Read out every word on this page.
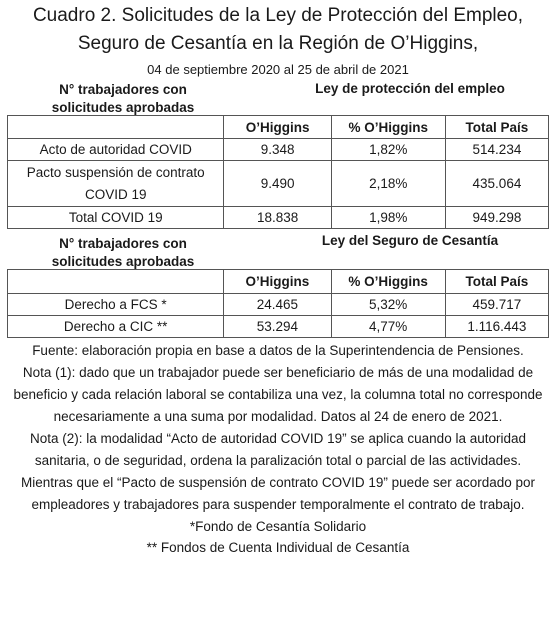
Cuadro 2. Solicitudes de la Ley de Protección del Empleo,
Seguro de Cesantía en la Región de O’Higgins,
04 de septiembre 2020 al 25 de abril de 2021
N° trabajadores con
solicitudes aprobadas
Ley de protección del empleo
	O’Higgins	% O’Higgins	Total País
Acto de autoridad COVID	9.348	1,82%	514.234

Pacto suspensión de contrato
COVID 19	9.490	2,18%	435.064
Total COVID 19	18.838	1,98%	949.298
N° trabajadores con
solicitudes aprobadas
Ley del Seguro de Cesantía
	O’Higgins	% O’Higgins	Total País
Derecho a FCS *	24.465	5,32%	459.717
Derecho a CIC **	53.294	4,77%	1.116.443

Fuente: elaboración propia en base a datos de la Superintendencia de Pensiones.

Nota (1): dado que un trabajador puede ser beneficiario de más de una modalidad de beneficio y cada relación laboral se contabiliza una vez, la columna total no corresponde necesariamente a una suma por modalidad. Datos al 24 de enero de 2021.

Nota (2): la modalidad “Acto de autoridad COVID 19” se aplica cuando la autoridad sanitaria, o de seguridad, ordena la paralización total o parcial de las actividades. Mientras que el “Pacto de suspensión de contrato COVID 19” puede ser acordado por empleadores y trabajadores para suspender temporalmente el contrato de trabajo.

*Fondo de Cesantía Solidario
** Fondos de Cuenta Individual de Cesantía
